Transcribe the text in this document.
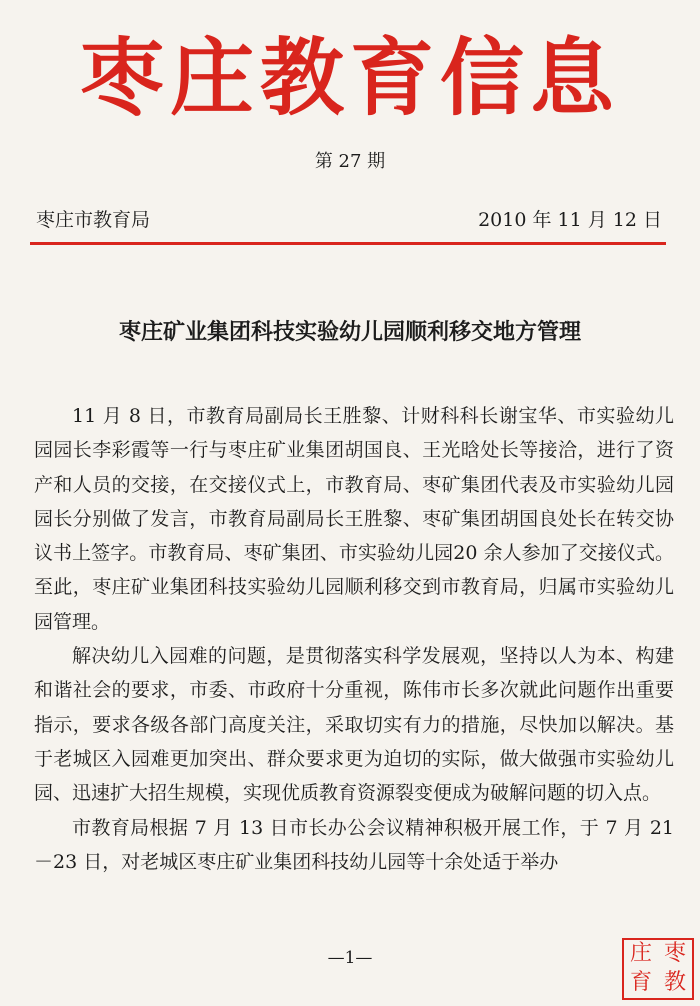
枣庄教育信息
第 27 期
枣庄市教育局	2010 年 11 月 12 日
枣庄矿业集团科技实验幼儿园顺利移交地方管理

11 月 8 日，市教育局副局长王胜黎、计财科科长谢宝华、市实验幼儿园园长李彩霞等一行与枣庄矿业集团胡国良、王光晗处长等接洽，进行了资产和人员的交接，在交接仪式上，市教育局、枣矿集团代表及市实验幼儿园园长分别做了发言，市教育局副局长王胜黎、枣矿集团胡国良处长在转交协议书上签字。市教育局、枣矿集团、市实验幼儿园20 余人参加了交接仪式。至此，枣庄矿业集团科技实验幼儿园顺利移交到市教育局，归属市实验幼儿园管理。

解决幼儿入园难的问题，是贯彻落实科学发展观，坚持以人为本、构建和谐社会的要求，市委、市政府十分重视，陈伟市长多次就此问题作出重要指示，要求各级各部门高度关注，采取切实有力的措施，尽快加以解决。基于老城区入园难更加突出、群众要求更为迫切的实际，做大做强市实验幼儿园、迅速扩大招生规模，实现优质教育资源裂变便成为破解问题的切入点。

市教育局根据 7 月 13 日市长办公会议精神积极开展工作，于 7 月 21－23 日，对老城区枣庄矿业集团科技幼儿园等十余处适于举办

—1—	庄 枣
育 教
